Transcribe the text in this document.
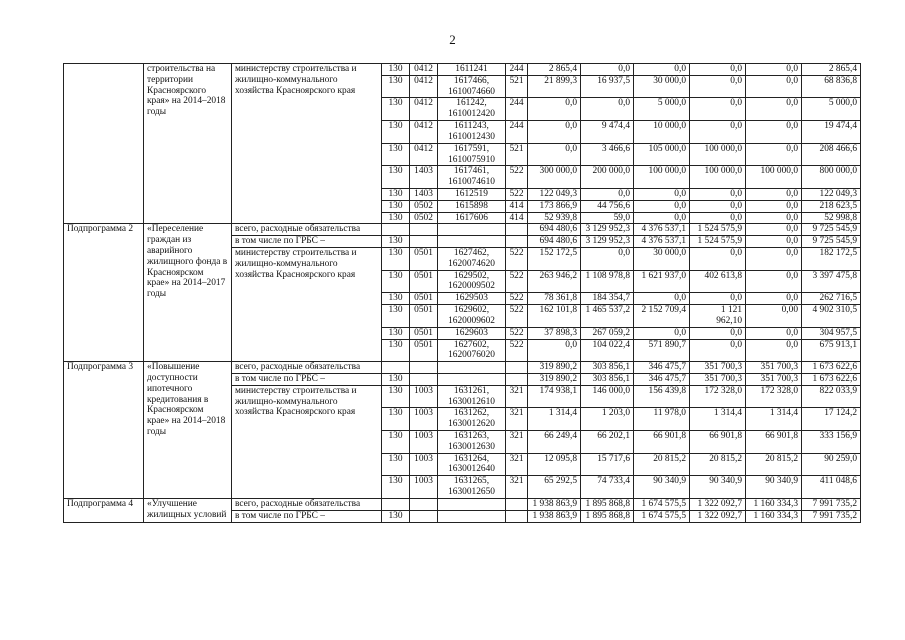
2
	строительства на территории Красноярского края» на 2014–2018 годы	министерству строительства и жилищно-коммунального хозяйства Красноярского края	130	0412	1611241	244	2 865,4	0,0	0,0	0,0	0,0	2 865,4
			130	0412	1617466, 1610074660	521	21 899,3	16 937,5	30 000,0	0,0	0,0	68 836,8
			130	0412	161242, 1610012420	244	0,0	0,0	5 000,0	0,0	0,0	5 000,0
			130	0412	1611243, 1610012430	244	0,0	9 474,4	10 000,0	0,0	0,0	19 474,4
			130	0412	1617591, 1610075910	521	0,0	3 466,6	105 000,0	100 000,0	0,0	208 466,6
			130	1403	1617461, 1610074610	522	300 000,0	200 000,0	100 000,0	100 000,0	100 000,0	800 000,0
			130	1403	1612519	522	122 049,3	0,0	0,0	0,0	0,0	122 049,3
			130	0502	1615898	414	173 866,9	44 756,6	0,0	0,0	0,0	218 623,5
			130	0502	1617606	414	52 939,8	59,0	0,0	0,0	0,0	52 998,8
Подпрограмма 2	«Переселение граждан из аварийного жилищного фонда в Красноярском крае» на 2014–2017 годы	всего, расходные обязательства					694 480,6	3 129 952,3	4 376 537,1	1 524 575,9	0,0	9 725 545,9
		в том числе по ГРБС –	130				694 480,6	3 129 952,3	4 376 537,1	1 524 575,9	0,0	9 725 545,9
		министерству строительства и жилищно-коммунального хозяйства Красноярского края	130	0501	1627462, 1620074620	522	152 172,5	0,0	30 000,0	0,0	0,0	182 172,5
			130	0501	1629502, 1620009502	522	263 946,2	1 108 978,8	1 621 937,0	402 613,8	0,0	3 397 475,8
			130	0501	1629503	522	78 361,8	184 354,7	0,0	0,0	0,0	262 716,5
			130	0501	1629602, 1620009602	522	162 101,8	1 465 537,2	2 152 709,4	1 121 962,10	0,00	4 902 310,5
			130	0501	1629603	522	37 898,3	267 059,2	0,0	0,0	0,0	304 957,5
			130	0501	1627602, 1620076020	522	0,0	104 022,4	571 890,7	0,0	0,0	675 913,1
Подпрограмма 3	«Повышение доступности ипотечного кредитования в Красноярском крае» на 2014–2018 годы	всего, расходные обязательства					319 890,2	303 856,1	346 475,7	351 700,3	351 700,3	1 673 622,6
		в том числе по ГРБС –	130				319 890,2	303 856,1	346 475,7	351 700,3	351 700,3	1 673 622,6
		министерству строительства и жилищно-коммунального хозяйства Красноярского края	130	1003	1631261, 1630012610	321	174 938,1	146 000,0	156 439,8	172 328,0	172 328,0	822 033,9
			130	1003	1631262, 1630012620	321	1 314,4	1 203,0	11 978,0	1 314,4	1 314,4	17 124,2
			130	1003	1631263, 1630012630	321	66 249,4	66 202,1	66 901,8	66 901,8	66 901,8	333 156,9
			130	1003	1631264, 1630012640	321	12 095,8	15 717,6	20 815,2	20 815,2	20 815,2	90 259,0
			130	1003	1631265, 1630012650	321	65 292,5	74 733,4	90 340,9	90 340,9	90 340,9	411 048,6
Подпрограмма 4	«Улучшение жилищных условий	всего, расходные обязательства					1 938 863,9	1 895 868,8	1 674 575,5	1 322 092,7	1 160 334,3	7 991 735,2
		в том числе по ГРБС –	130				1 938 863,9	1 895 868,8	1 674 575,5	1 322 092,7	1 160 334,3	7 991 735,2
